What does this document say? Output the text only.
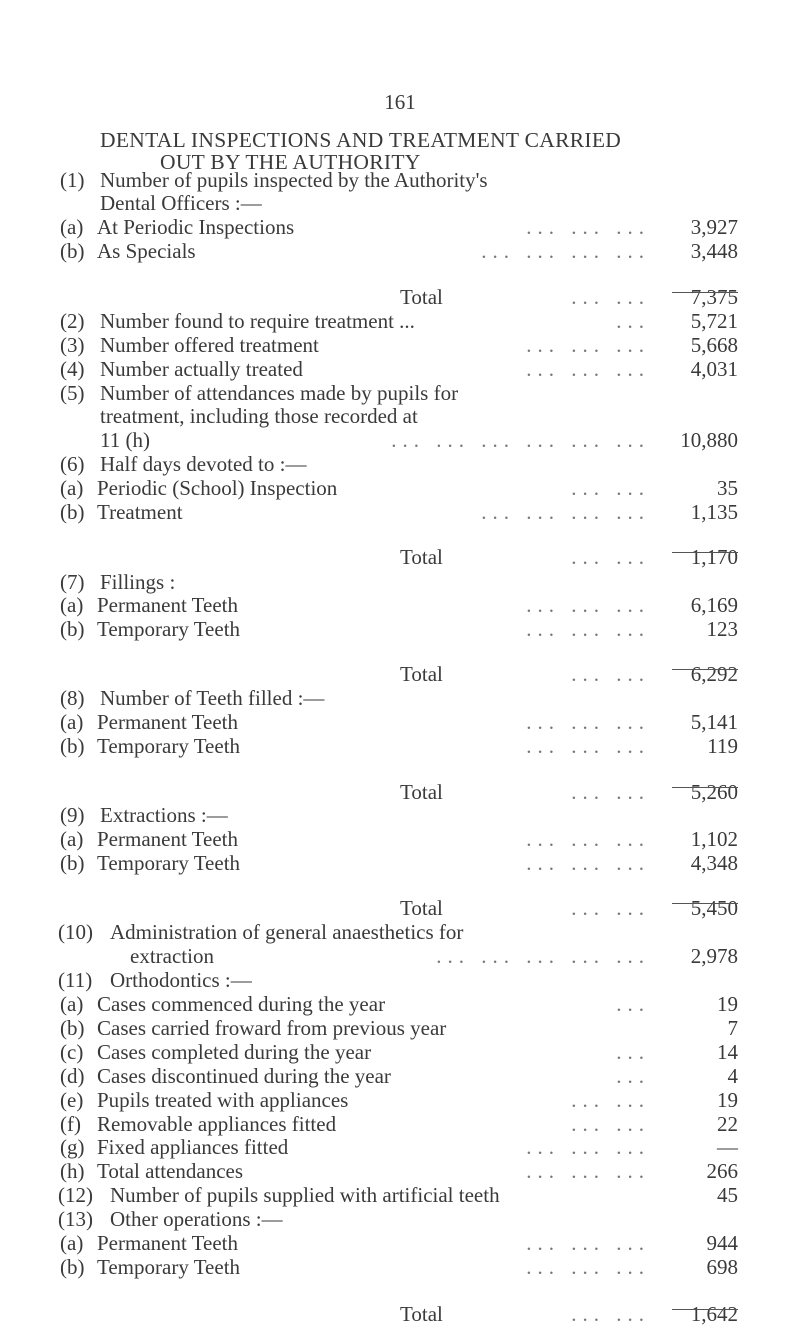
161
DENTAL INSPECTIONS AND TREATMENT CARRIED
OUT BY THE AUTHORITY
(1) Number of pupils inspected by the Authority's
Dental Officers :—
(a) At Periodic Inspections	... ... ... 3,927
(b) As Specials	... ... ... ... 3,448
Total	... ... 7,375
(2) Number found to require treatment ...	... 5,721
(3) Number offered treatment	... ... ... 5,668
(4) Number actually treated	... ... ... 4,031
(5) Number of attendances made by pupils for
treatment, including those recorded at
11 (h)	... ... ... ... ... ... 10,880
(6) Half days devoted to :—
(a) Periodic (School) Inspection	... ...	35
(b) Treatment	... ... ... ... 1,135
Total	... ... 1,170
(7) Fillings :
(a) Permanent Teeth	... ... ... 6,169
(b) Temporary Teeth	... ... ...	123
Total	... ... 6,292
(8) Number of Teeth filled :—
(a) Permanent Teeth	... ... ... 5,141
(b) Temporary Teeth	... ... ...	119
Total	... ... 5,260
(9) Extractions :—
(a) Permanent Teeth	... ... ... 1,102
(b) Temporary Teeth	... ... ... 4,348
Total	... ... 5,450
(10) Administration of general anaesthetics for
extraction	... ... ... ... ... 2,978
(11) Orthodontics :—
(a) Cases commenced during the year	...	19
(b) Cases carried froward from previous year	7
(c) Cases completed during the year	...	14
(d) Cases discontinued during the year	...	4
(e) Pupils treated with appliances	... ...	19
(f) Removable appliances fitted	... ...	22
(g) Fixed appliances fitted	... ... ...	—
(h) Total attendances	... ... ...	266
(12) Number of pupils supplied with artificial teeth	45
(13) Other operations :—
(a) Permanent Teeth	... ... ...	944
(b) Temporary Teeth	... ... ...	698
Total	... ... 1,642
